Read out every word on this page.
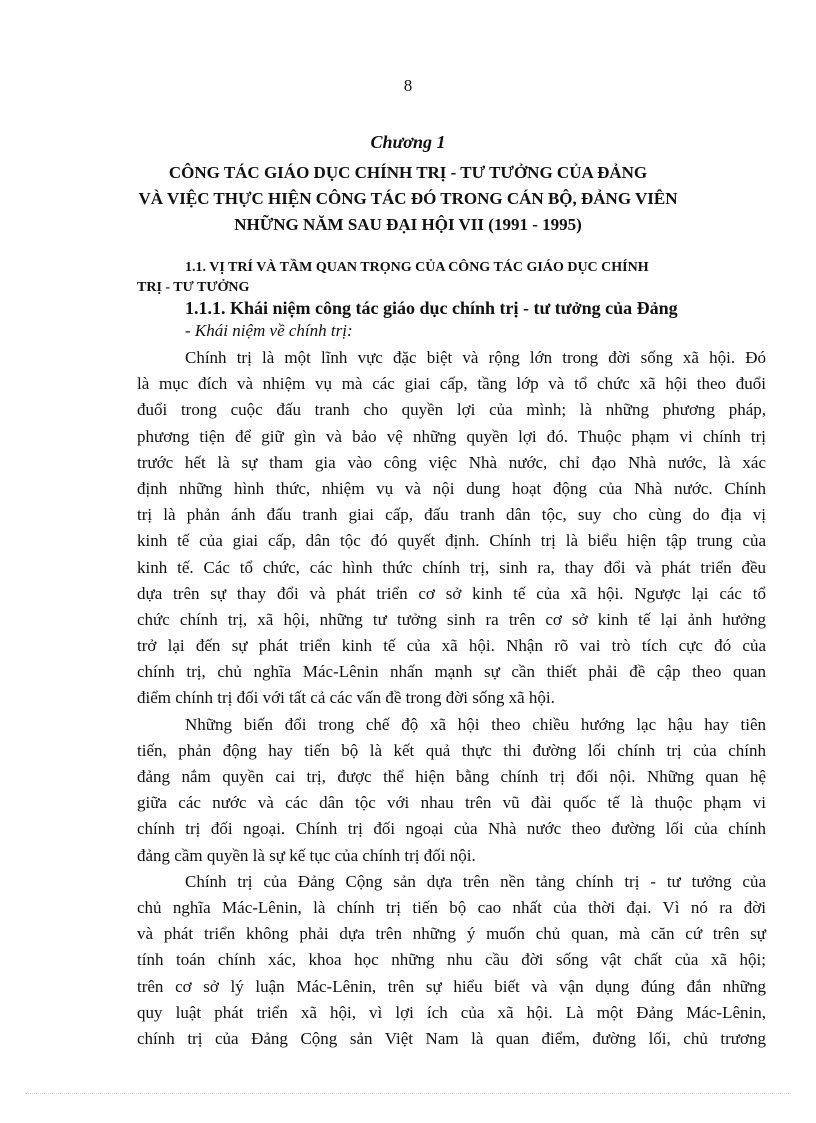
8
Chương 1
CÔNG TÁC GIÁO DỤC CHÍNH TRỊ - TƯ TƯỞNG CỦA ĐẢNG
VÀ VIỆC THỰC HIỆN CÔNG TÁC ĐÓ TRONG CÁN BỘ, ĐẢNG VIÊN
NHỮNG NĂM SAU ĐẠI HỘI VII (1991 - 1995)
1.1. VỊ TRÍ VÀ TẦM QUAN TRỌNG CỦA CÔNG TÁC GIÁO DỤC CHÍNH
TRỊ - TƯ TƯỞNG
1.1.1. Khái niệm công tác giáo dục chính trị - tư tưởng của Đảng
- Khái niệm về chính trị:
Chính trị là một lĩnh vực đặc biệt và rộng lớn trong đời sống xã hội. Đó
là mục đích và nhiệm vụ mà các giai cấp, tầng lớp và tổ chức xã hội theo đuổi
đuổi trong cuộc đấu tranh cho quyền lợi của mình; là những phương pháp,
phương tiện để giữ gìn và bảo vệ những quyền lợi đó. Thuộc phạm vi chính trị
trước hết là sự tham gia vào công việc Nhà nước, chỉ đạo Nhà nước, là xác
định những hình thức, nhiệm vụ và nội dung hoạt động của Nhà nước. Chính
trị là phản ánh đấu tranh giai cấp, đấu tranh dân tộc, suy cho cùng do địa vị
kinh tế của giai cấp, dân tộc đó quyết định. Chính trị là biểu hiện tập trung của
kinh tế. Các tổ chức, các hình thức chính trị, sinh ra, thay đổi và phát triển đều
dựa trên sự thay đổi và phát triển cơ sở kinh tế của xã hội. Ngược lại các tổ
chức chính trị, xã hội, những tư tưởng sinh ra trên cơ sở kinh tế lại ảnh hưởng
trở lại đến sự phát triển kinh tế của xã hội. Nhận rõ vai trò tích cực đó của
chính trị, chủ nghĩa Mác-Lênin nhấn mạnh sự cần thiết phải đề cập theo quan
điểm chính trị đối với tất cả các vấn đề trong đời sống xã hội.
Những biến đổi trong chế độ xã hội theo chiều hướng lạc hậu hay tiên
tiến, phản động hay tiến bộ là kết quả thực thi đường lối chính trị của chính
đảng nắm quyền cai trị, được thể hiện bằng chính trị đối nội. Những quan hệ
giữa các nước và các dân tộc với nhau trên vũ đài quốc tế là thuộc phạm vi
chính trị đối ngoại. Chính trị đối ngoại của Nhà nước theo đường lối của chính
đảng cầm quyền là sự kế tục của chính trị đối nội.
Chính trị của Đảng Cộng sản dựa trên nền tảng chính trị - tư tưởng của
chủ nghĩa Mác-Lênin, là chính trị tiến bộ cao nhất của thời đại. Vì nó ra đời
và phát triển không phải dựa trên những ý muốn chủ quan, mà căn cứ trên sự
tính toán chính xác, khoa học những nhu cầu đời sống vật chất của xã hội;
trên cơ sở lý luận Mác-Lênin, trên sự hiểu biết và vận dụng đúng đắn những
quy luật phát triển xã hội, vì lợi ích của xã hội. Là một Đảng Mác-Lênin,
chính trị của Đảng Cộng sản Việt Nam là quan điểm, đường lối, chủ trương
